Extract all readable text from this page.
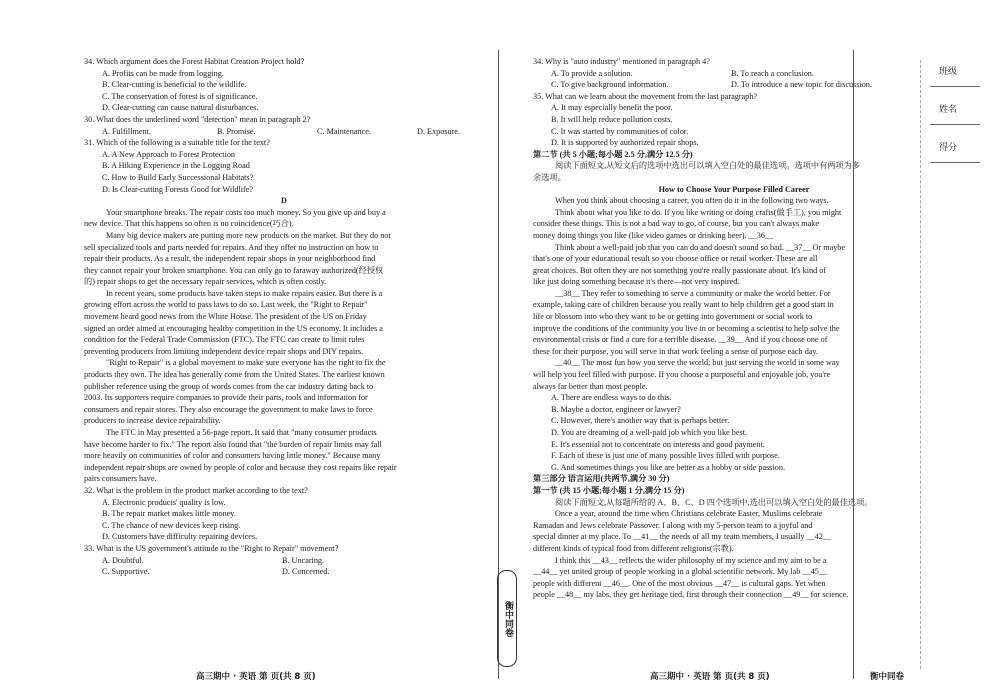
34. Which argument does the Forest Habitat Creation Project hold?
A. Profits can be made from logging.
B. Clear-cutting is beneficial to the wildlife.
C. The conservation of forest is of significance.
D. Clear-cutting can cause natural disturbances.
30. What does the underlined word "detection" mean in paragraph 2?
A. Fulfillment.	B. Promise.	C. Maintenance.	D. Exposure.
31. Which of the following is a suitable title for the text?
A. A New Approach to Forest Protection
B. A Hiking Experience in the Logging Road
C. How to Build Early Successional Habitats?
D. Is Clear-cutting Forests Good for Wildlife?
D
Your smartphone breaks. The repair costs too much money. So you give up and buy a
new device. That this happens so often is no coincidence(巧合).
Many big device makers are putting more new products on the market. But they do not
sell specialized tools and parts needed for repairs. And they offer no instruction on how to
repair their products. As a result, the independent repair shops in your neighborhood find
they cannot repair your broken smartphone. You can only go to faraway authorized(经授权
的) repair shops to get the necessary repair services, which is often costly.
In recent years, some products have taken steps to make repairs easier. But there is a
growing effort across the world to pass laws to do so. Last week, the "Right to Repair"
movement heard good news from the White House. The president of the US on Friday
signed an order aimed at encouraging healthy competition in the US economy. It includes a
condition for the Federal Trade Commission (FTC). The FTC can create to limit rules
preventing producers from limiting independent device repair shops and DIY repairs.
"Right to Repair" is a global movement to make sure everyone has the right to fix the
products they own. The idea has generally come from the United States. The earliest known
publisher reference using the group of words comes from the car industry dating back to
2003. Its supporters require companies to provide their parts, tools and information for
consumers and repair stores. They also encourage the government to make laws to force
producers to increase device repairability.
The FTC in May presented a 56-page report. It said that "many consumer products
have become harder to fix." The report also found that "the burden of repair limits may fall
more heavily on communities of color and consumers having little money." Because many
independent repair shops are owned by people of color and because they cost repairs like repair
pairs consumers have.
32. What is the problem in the product market according to the text?
A. Electronic products' quality is low.
B. The repair market makes little money.
C. The chance of new devices keep rising.
D. Customers have difficulty repairing devices.
33. What is the US government's attitude to the "Right to Repair" movement?
A. Doubtful.	B. Uncaring.
C. Supportive.	D. Concerned.
高三期中 · 英语 第 页(共 8 页)
34. Why is "auto industry" mentioned in paragraph 4?
A. To provide a solution.	B. To reach a conclusion.
C. To give background information.	D. To introduce a new topic for discussion.
35. What can we learn about the movement from the last paragraph?
A. It may especially benefit the poor.
B. It will help reduce pollution costs.
C. It was started by communities of color.
D. It is supported by authorized repair shops.
第二节 (共 5 小题;每小题 2.5 分,满分 12.5 分)
阅读下面短文,从短文后的选项中选出可以填入空白处的最佳选项。选项中有两项为多
余选项。
How to Choose Your Purpose Filled Career
When you think about choosing a career, you often do it in the following two ways.
Think about what you like to do. If you like writing or doing crafts(做手工), you might
consider these things. This is not a bad way to go, of course, but you can't always make
money doing things you like (like video games or drinking beer). __36__
Think about a well-paid job that you can do and doesn't sound so bad. __37__ Or maybe
that's one of your educational result so you choose office or retail worker. These are all
great choices. But often they are not something you're really passionate about. It's kind of
like just doing something because it's there—not very inspired.
__38__ They refer to something to serve a community or make the world better. For
example, taking care of children because you really want to help children get a good start in
life or blossom into who they want to be or getting into government or social work to
improve the conditions of the community you live in or becoming a scientist to help solve the
environmental crisis or find a cure for a terrible disease. __39__ And if you choose one of
these for their purpose, you will serve in that work feeling a sense of purpose each day.
__40__ The most fun how you serve the world; but just serving the world in some way
will help you feel filled with purpose. If you choose a purposeful and enjoyable job, you're
always far better than most people.
A. There are endless ways to do this.
B. Maybe a doctor, engineer or lawyer?
C. However, there's another way that is perhaps better.
D. You are dreaming of a well-paid job which you like best.
E. It's essential not to concentrate on interests and good payment.
F. Each of these is just one of many possible lives filled with purpose.
G. And sometimes things you like are better as a hobby or side passion.
第三部分 语言运用(共两节,满分 30 分)
第一节 (共 15 小题;每小题 1 分,满分 15 分)
阅读下面短文,从每题所给的 A、B、C、D 四个选项中,选出可以填入空白处的最佳选项。
Once a year, around the time when Christians celebrate Easter, Muslims celebrate
Ramadan and Jews celebrate Passover. I along with my 5-person team to a joyful and
special dinner at my place. To __41__ the needs of all my team members, I usually __42__
different kinds of typical food from different religions(宗教).
I think this __43__ reflects the wider philosophy of my science and my aim to be a
__44__ yet united group of people working in a global scientific network. My lab __45__
people with different __46__. One of the most obvious __47__ is cultural gaps. Yet when
people __48__ my labs, they get heritage tied, first through their connection __49__ for science.
高三期中 · 英语 第 页(共 8 页)
衡中同卷
班级
姓名
得分
衡中同卷
